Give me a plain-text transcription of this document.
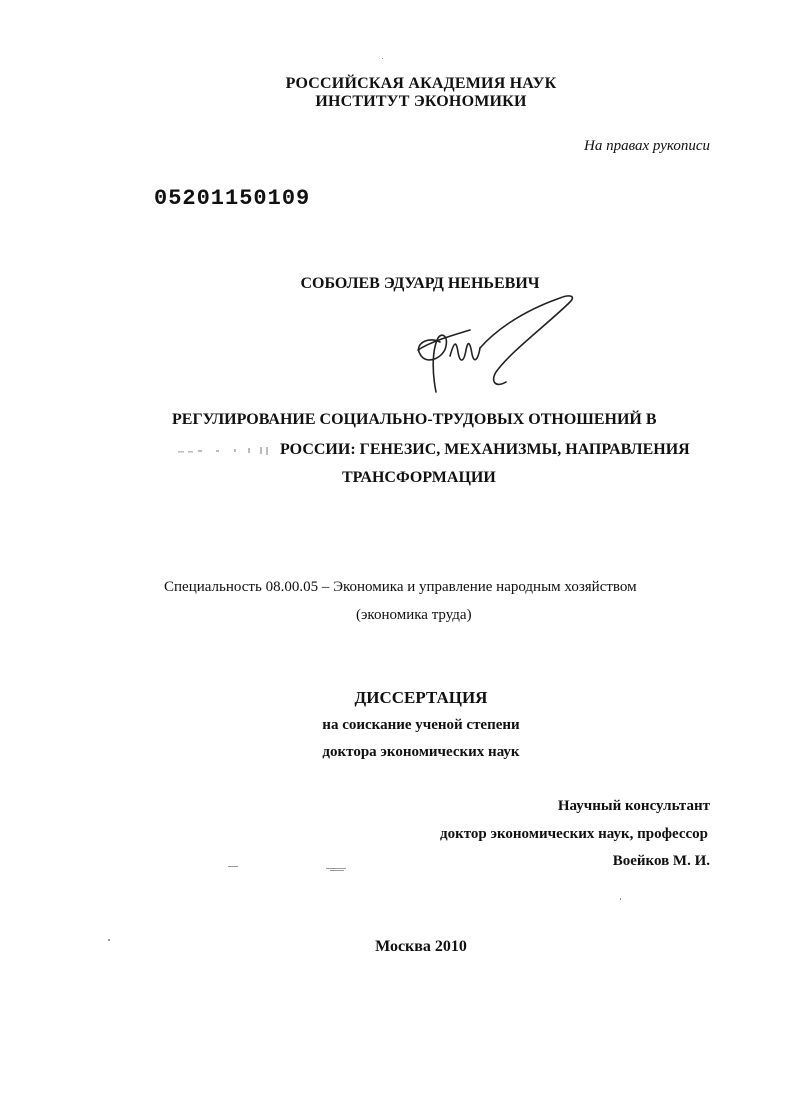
РОССИЙСКАЯ АКАДЕМИЯ НАУК
ИНСТИТУТ ЭКОНОМИКИ
На правах рукописи
05201150109
СОБОЛЕВ ЭДУАРД НЕНЬЕВИЧ
РЕГУЛИРОВАНИЕ СОЦИАЛЬНО-ТРУДОВЫХ ОТНОШЕНИЙ В
РОССИИ: ГЕНЕЗИС, МЕХАНИЗМЫ, НАПРАВЛЕНИЯ
ТРАНСФОРМАЦИИ
Специальность 08.00.05 – Экономика и управление народным хозяйством
(экономика труда)
ДИССЕРТАЦИЯ
на соискание ученой степени
доктора экономических наук
Научный консультант
доктор экономических наук, профессор
Воейков М. И.
Москва 2010
